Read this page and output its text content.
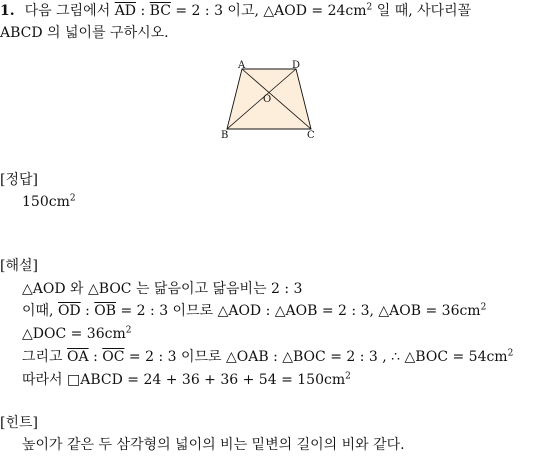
1. 다음 그림에서 $\overline{AD}$ : $\overline{BC} = 2$ : 3 이고, △AOD = $24cm^2$ 일 때, 사다리꼴
ABCD 의 넓이를 구하시오.
A	D
O
B	C
[정답]
$150cm^2$
[해설]
△AOD 와 △BOC 는 닮음이고 닮음비는 2 : 3
이때, $\overline{OD}$ : $\overline{OB} = 2$ : 3 이므로 △AOD : △AOB = 2 : 3, △AOB = $36cm^2$
△DOC = $36cm^2$
그리고 $\overline{OA}$ : $\overline{OC} = 2$ : 3 이므로 △OAB : △BOC = 2 : 3 , ∴ △BOC = $54cm^2$
따라서 □ABCD = $24 + 36 + 36 + 54 = 150cm^2$
[힌트]
높이가 같은 두 삼각형의 넓이의 비는 밑변의 길이의 비와 같다.
